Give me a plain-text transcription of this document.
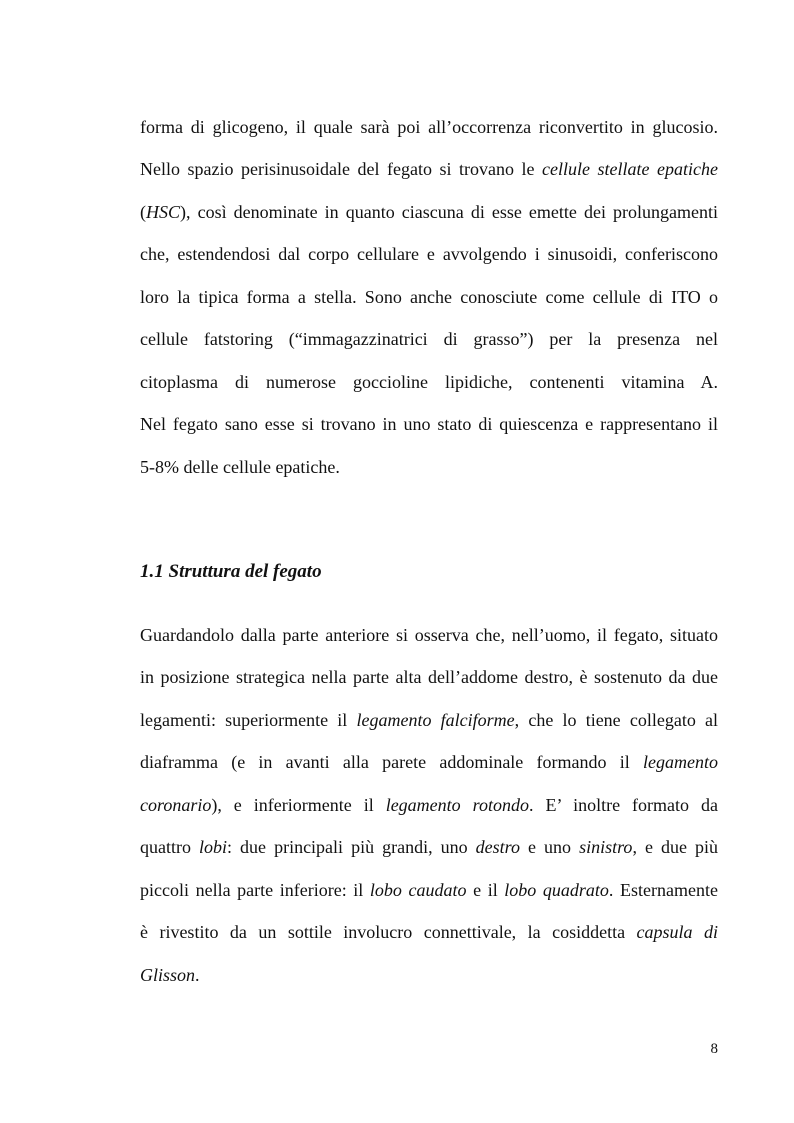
forma di glicogeno, il quale sarà poi all’occorrenza riconvertito in glucosio.
Nello spazio perisinusoidale del fegato si trovano le cellule stellate epatiche
(HSC), così denominate in quanto ciascuna di esse emette dei prolungamenti
che, estendendosi dal corpo cellulare e avvolgendo i sinusoidi, conferiscono
loro la tipica forma a stella. Sono anche conosciute come cellule di ITO o
cellule fatstoring (“immagazzinatrici di grasso”) per la presenza nel
citoplasma di numerose goccioline lipidiche, contenenti vitamina A.
Nel fegato sano esse si trovano in uno stato di quiescenza e rappresentano il
5-8% delle cellule epatiche.
1.1 Struttura del fegato
Guardandolo dalla parte anteriore si osserva che, nell’uomo, il fegato, situato
in posizione strategica nella parte alta dell’addome destro, è sostenuto da due
legamenti: superiormente il legamento falciforme, che lo tiene collegato al
diaframma (e in avanti alla parete addominale formando il legamento
coronario), e inferiormente il legamento rotondo. E’ inoltre formato da
quattro lobi: due principali più grandi, uno destro e uno sinistro, e due più
piccoli nella parte inferiore: il lobo caudato e il lobo quadrato. Esternamente
è rivestito da un sottile involucro connettivale, la cosiddetta capsula di
Glisson.
8
